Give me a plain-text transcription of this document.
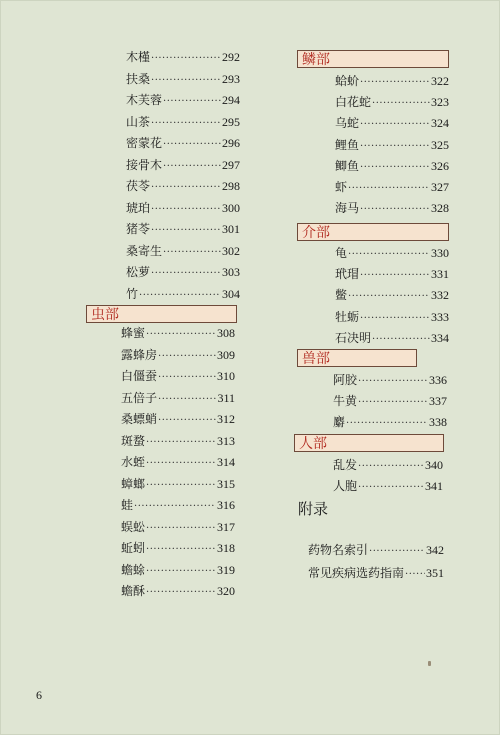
木槿 ·····	292
扶桑 ·····	293
木芙蓉 ·····	294
山茶 ·····	295
密蒙花 ·····	296
接骨木 ·····	297
茯苓 ·····	298
琥珀 ·····	300
猪苓 ·····	301
桑寄生 ·····	302
松萝 ·····	303
竹 ·····	304
虫部
蜂蜜 ·····	308
露蜂房 ·····	309
白僵蚕 ·····	310
五倍子 ·····	311
桑螵蛸 ·····	312
斑蝥 ·····	313
水蛭 ·····	314
蟑螂 ·····	315
蛙 ·····	316
蜈蚣 ·····	317
蚯蚓 ·····	318
蟾蜍 ·····	319
蟾酥 ·····	320
鳞部
蛤蚧 ·····	322
白花蛇 ·····	323
乌蛇 ·····	324
鲤鱼 ·····	325
鲫鱼 ·····	326
虾 ·····	327
海马 ·····	328
介部
龟 ·····	330
玳瑁 ·····	331
鳖 ·····	332
牡蛎 ·····	333
石决明 ·····	334
兽部
阿胶 ·····	336
牛黄 ·····	337
麝 ·····	338
人部
乱发 ·····	340
人胞 ·····	341
附录
药物名索引 ·····	342
常见疾病选药指南 ····· 351
6
